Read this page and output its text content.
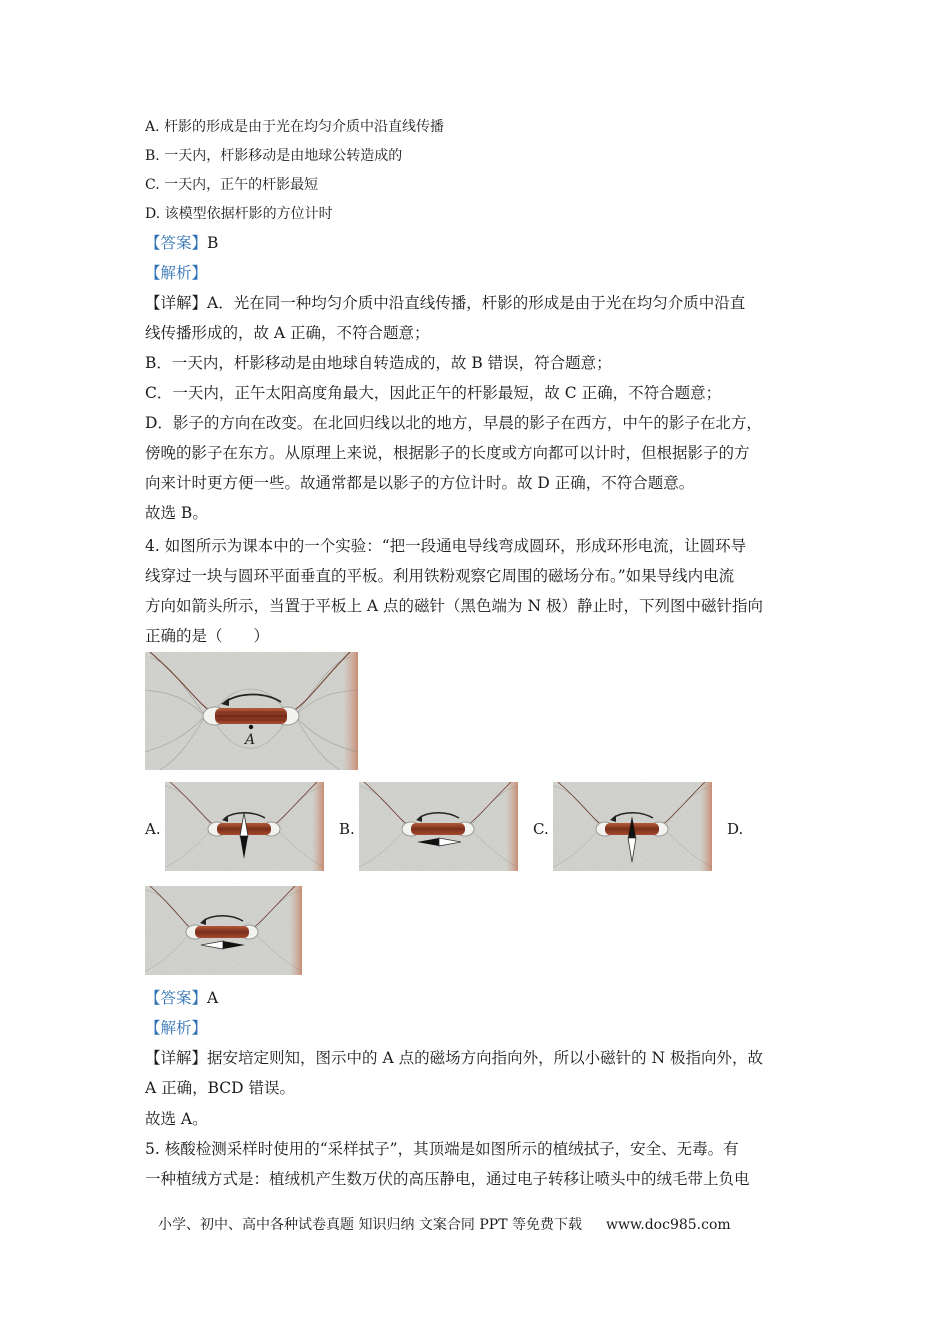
A. 杆影的形成是由于光在均匀介质中沿直线传播
B. 一天内，杆影移动是由地球公转造成的
C. 一天内，正午的杆影最短
D. 该模型依据杆影的方位计时
【答案】B
【解析】
【详解】A．光在同一种均匀介质中沿直线传播，杆影的形成是由于光在均匀介质中沿直
线传播形成的，故 A 正确，不符合题意；
B．一天内，杆影移动是由地球自转造成的，故 B 错误，符合题意；
C．一天内，正午太阳高度角最大，因此正午的杆影最短，故 C 正确，不符合题意；
D．影子的方向在改变。在北回归线以北的地方，早晨的影子在西方，中午的影子在北方，
傍晚的影子在东方。从原理上来说，根据影子的长度或方向都可以计时，但根据影子的方
向来计时更方便一些。故通常都是以影子的方位计时。故 D 正确，不符合题意。
故选 B。
4. 如图所示为课本中的一个实验：“把一段通电导线弯成圆环，形成环形电流，让圆环导
线穿过一块与圆环平面垂直的平板。利用铁粉观察它周围的磁场分布。”如果导线内电流
方向如箭头所示，当置于平板上 A 点的磁针（黑色端为 N 极）静止时，下列图中磁针指向
正确的是（　　）
A
A.	B.	C.	D.
【答案】A
【解析】
【详解】据安培定则知，图示中的 A 点的磁场方向指向外，所以小磁针的 N 极指向外，故
A 正确，BCD 错误。
故选 A。
5. 核酸检测采样时使用的“采样拭子”，其顶端是如图所示的植绒拭子，安全、无毒。有
一种植绒方式是：植绒机产生数万伏的高压静电，通过电子转移让喷头中的绒毛带上负电
小学、初中、高中各种试卷真题 知识归纳 文案合同 PPT 等免费下载 www.doc985.com
